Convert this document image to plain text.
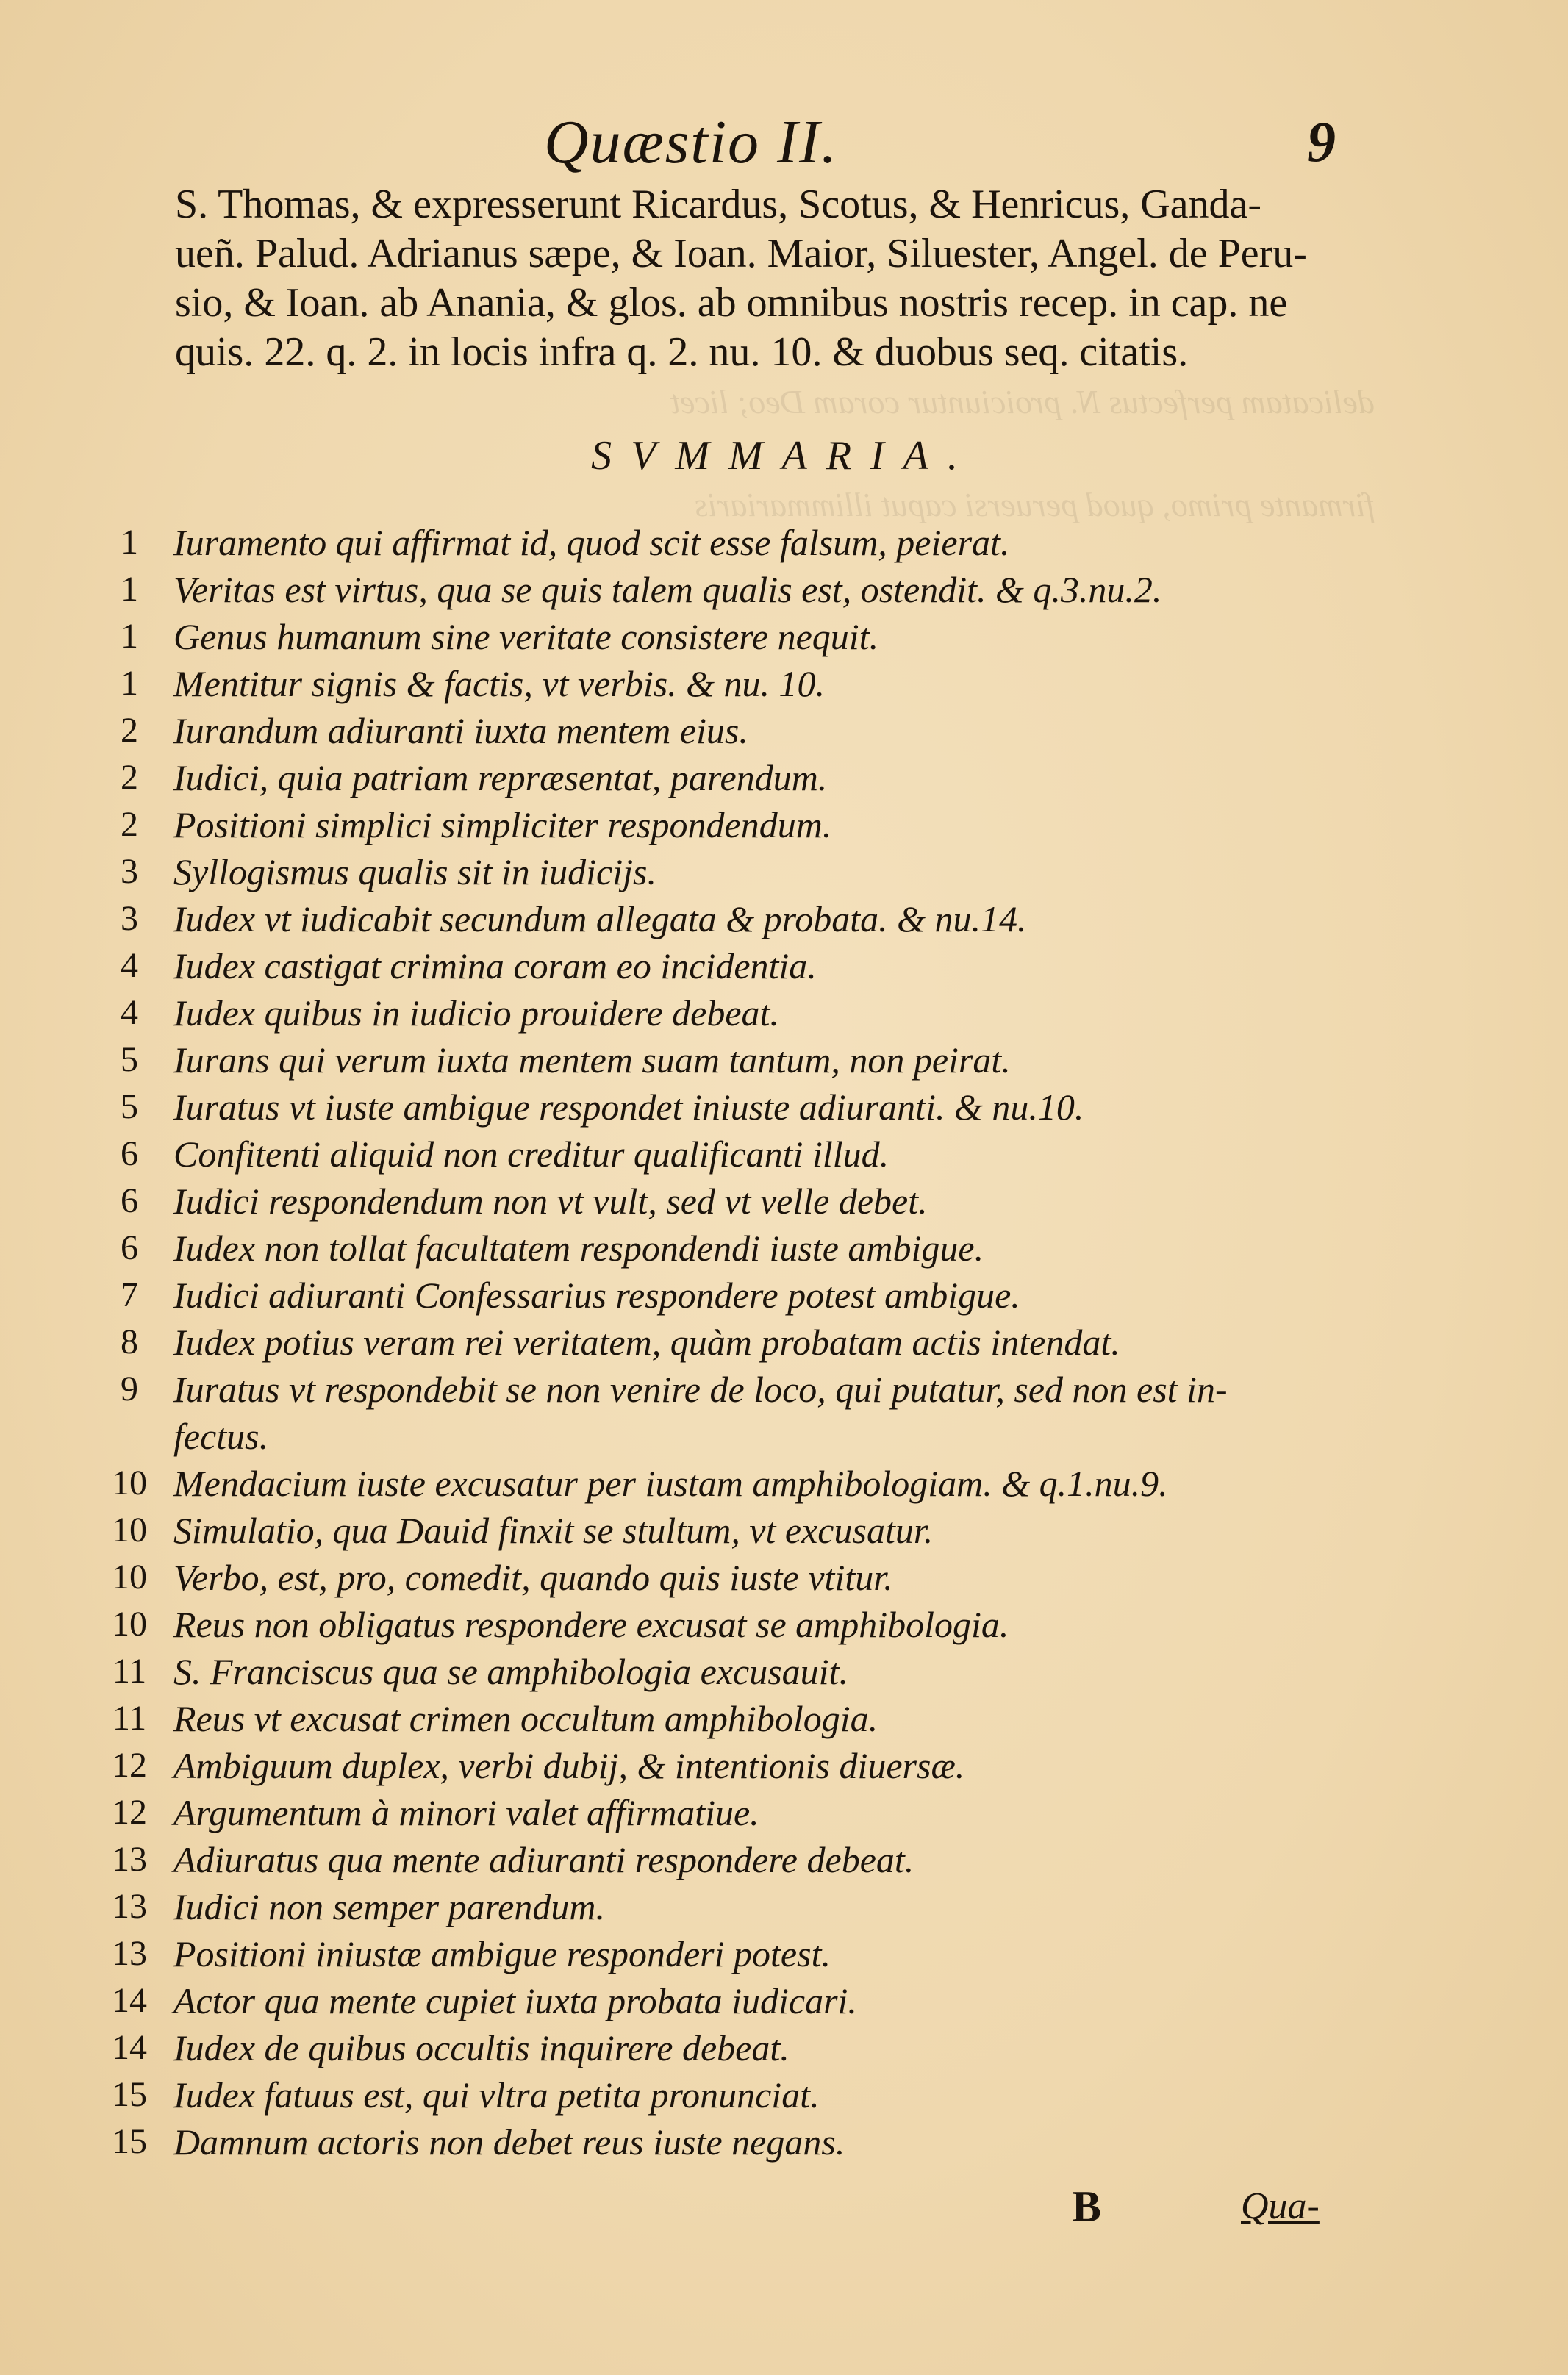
delicatam perfectus N. proiciuntur coram Deo; licet
firmante primo, quod peruersi caput illimmariaris
Quæstio II.	9
S. Thomas, & expresserunt Ricardus, Scotus, & Henricus, Ganda-
ueñ. Palud. Adrianus sæpe, & Ioan. Maior, Siluester, Angel. de Peru-
sio, & Ioan. ab Anania, & glos. ab omnibus nostris recep. in cap. ne
quis. 22. q. 2. in locis infra q. 2. nu. 10. & duobus seq. citatis.
SVMMARIA.
1 Iuramento qui affirmat id, quod scit esse falsum, peierat.
1 Veritas est virtus, qua se quis talem qualis est, ostendit. & q.3.nu.2.
1 Genus humanum sine veritate consistere nequit.
1 Mentitur signis & factis, vt verbis. & nu. 10.
2 Iurandum adiuranti iuxta mentem eius.
2 Iudici, quia patriam repræsentat, parendum.
2 Positioni simplici simpliciter respondendum.
3 Syllogismus qualis sit in iudicijs.
3 Iudex vt iudicabit secundum allegata & probata. & nu.14.
4 Iudex castigat crimina coram eo incidentia.
4 Iudex quibus in iudicio prouidere debeat.
5 Iurans qui verum iuxta mentem suam tantum, non peirat.
5 Iuratus vt iuste ambigue respondet iniuste adiuranti. & nu.10.
6 Confitenti aliquid non creditur qualificanti illud.
6 Iudici respondendum non vt vult, sed vt velle debet.
6 Iudex non tollat facultatem respondendi iuste ambigue.
7 Iudici adiuranti Confessarius respondere potest ambigue.
8 Iudex potius veram rei veritatem, quàm probatam actis intendat.
9 Iuratus vt respondebit se non venire de loco, qui putatur, sed non est in-
fectus.
10 Mendacium iuste excusatur per iustam amphibologiam. & q.1.nu.9.
10 Simulatio, qua Dauid finxit se stultum, vt excusatur.
10 Verbo, est, pro, comedit, quando quis iuste vtitur.
10 Reus non obligatus respondere excusat se amphibologia.
11 S. Franciscus qua se amphibologia excusauit.
11 Reus vt excusat crimen occultum amphibologia.
12 Ambiguum duplex, verbi dubij, & intentionis diuersæ.
12 Argumentum à minori valet affirmatiue.
13 Adiuratus qua mente adiuranti respondere debeat.
13 Iudici non semper parendum.
13 Positioni iniustæ ambigue responderi potest.
14 Actor qua mente cupiet iuxta probata iudicari.
14 Iudex de quibus occultis inquirere debeat.
15 Iudex fatuus est, qui vltra petita pronunciat.
15 Damnum actoris non debet reus iuste negans.
B	Qua-
